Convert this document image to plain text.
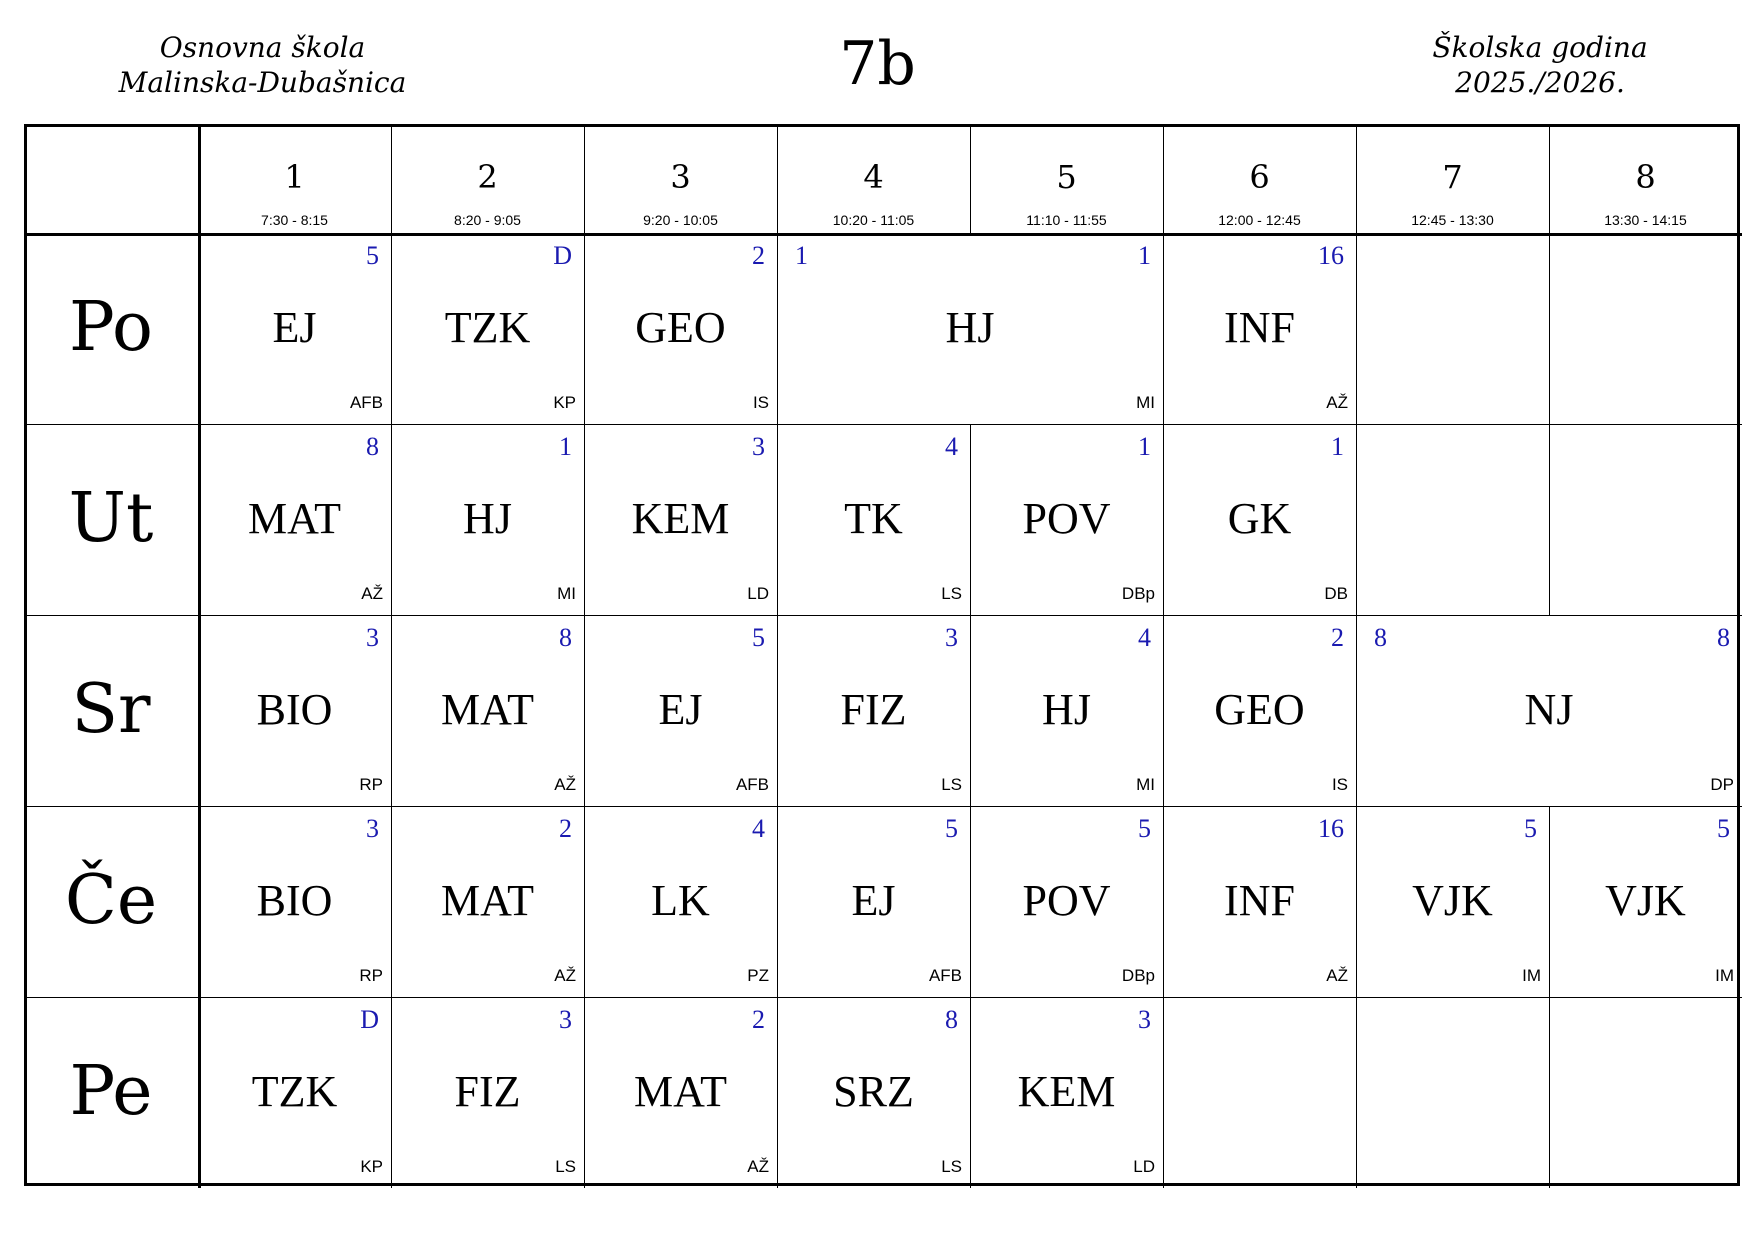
Osnovna škola
Malinska-Dubašnica	7b	Školska godina
2025./2026.
1
7:30 - 8:15
2
8:20 - 9:05
3
9:20 - 10:05
4
10:20 - 11:05
5
11:10 - 11:55
6
12:00 - 12:45
7
12:45 - 13:30
8
13:30 - 14:15
Po
Ut
Sr
Če
Pe
EJ
5
AFB
TZK
D
KP
GEO
2
IS
HJ
1
1
MI
INF
16
AŽ
MAT
8
AŽ
HJ
1
MI
KEM
3
LD
TK
4
LS
POV
1
DBp
GK
1
DB
BIO
3
RP
MAT
8
AŽ
EJ
5
AFB
FIZ
3
LS
HJ
4
MI
GEO
2
IS
NJ
8
8
DP
BIO
3
RP
MAT
2
AŽ
LK
4
PZ
EJ
5
AFB
POV
5
DBp
INF
16
AŽ
VJK
5
IM
VJK
5
IM
TZK
D
KP
FIZ
3
LS
MAT
2
AŽ
SRZ
8
LS
KEM
3
LD
